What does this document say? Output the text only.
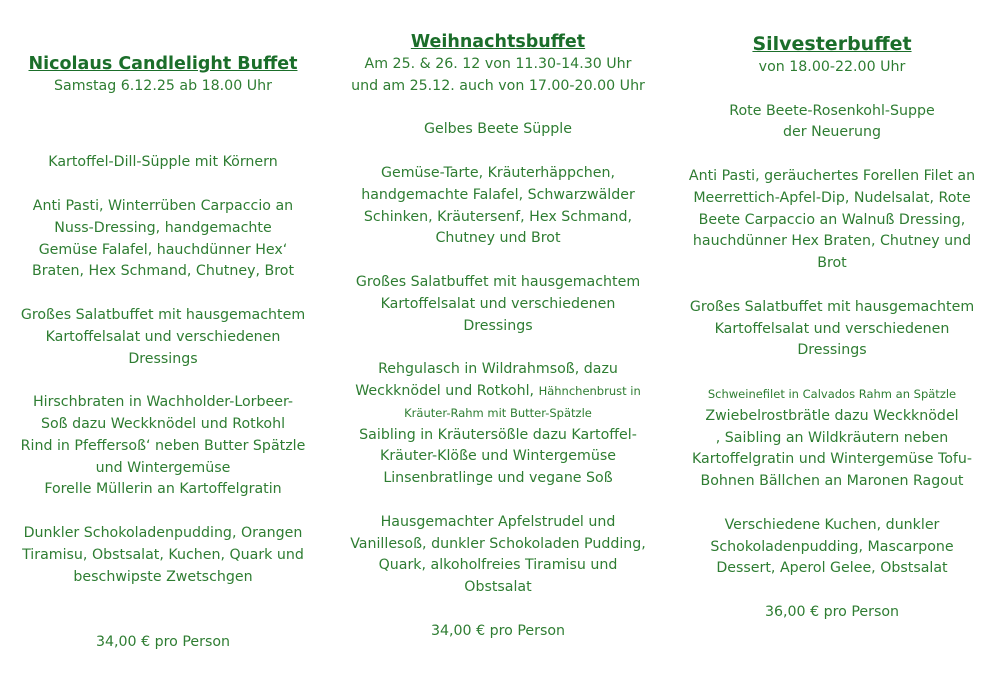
Nicolaus Candlelight Buffet
Samstag 6.12.25 ab 18.00 Uhr
Kartoffel-Dill-Süpple mit Körnern
Anti Pasti, Winterrüben Carpaccio an
Nuss-Dressing, handgemachte
Gemüse Falafel, hauchdünner Hex‘
Braten, Hex Schmand, Chutney, Brot
Großes Salatbuffet mit hausgemachtem
Kartoffelsalat und verschiedenen
Dressings
Hirschbraten in Wachholder-Lorbeer-
Soß dazu Weckknödel und Rotkohl
Rind in Pfeffersoß‘ neben Butter Spätzle
und Wintergemüse
Forelle Müllerin an Kartoffelgratin
Dunkler Schokoladenpudding, Orangen
Tiramisu, Obstsalat, Kuchen, Quark und
beschwipste Zwetschgen
34,00 € pro Person
Weihnachtsbuffet
Am 25. & 26. 12 von 11.30-14.30 Uhr
und am 25.12. auch von 17.00-20.00 Uhr
Gelbes Beete Süpple
Gemüse-Tarte, Kräuterhäppchen,
handgemachte Falafel, Schwarzwälder
Schinken, Kräutersenf, Hex Schmand,
Chutney und Brot
Großes Salatbuffet mit hausgemachtem
Kartoffelsalat und verschiedenen
Dressings
Rehgulasch in Wildrahmsoß, dazu
Weckknödel und Rotkohl, Hähnchenbrust in
Kräuter-Rahm mit Butter-Spätzle
Saibling in Kräutersößle dazu Kartoffel-
Kräuter-Klöße und Wintergemüse
Linsenbratlinge und vegane Soß
Hausgemachter Apfelstrudel und
Vanillesoß, dunkler Schokoladen Pudding,
Quark, alkoholfreies Tiramisu und
Obstsalat
34,00 € pro Person
Silvesterbuffet
von 18.00-22.00 Uhr
Rote Beete-Rosenkohl-Suppe
der Neuerung
Anti Pasti, geräuchertes Forellen Filet an
Meerrettich-Apfel-Dip, Nudelsalat, Rote
Beete Carpaccio an Walnuß Dressing,
hauchdünner Hex Braten, Chutney und
Brot
Großes Salatbuffet mit hausgemachtem
Kartoffelsalat und verschiedenen
Dressings
Schweinefilet in Calvados Rahm an Spätzle
Zwiebelrostbrätle dazu Weckknödel
, Saibling an Wildkräutern neben
Kartoffelgratin und Wintergemüse Tofu-
Bohnen Bällchen an Maronen Ragout
Verschiedene Kuchen, dunkler
Schokoladenpudding, Mascarpone
Dessert, Aperol Gelee, Obstsalat
36,00 € pro Person
